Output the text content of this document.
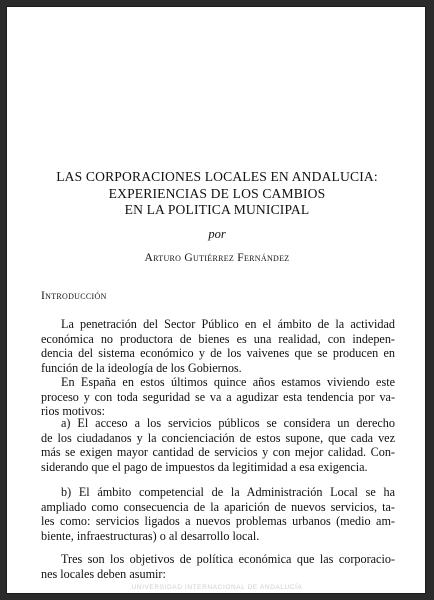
LAS CORPORACIONES LOCALES EN ANDALUCIA:
EXPERIENCIAS DE LOS CAMBIOS
EN LA POLITICA MUNICIPAL
por
Arturo Gutiérrez Fernández
Introducción
La penetración del Sector Público en el ámbito de la actividad
económica no productora de bienes es una realidad, con indepen-
dencia del sistema económico y de los vaivenes que se producen en
función de la ideología de los Gobiernos.
En España en estos últimos quince años estamos viviendo este
proceso y con toda seguridad se va a agudizar esta tendencia por va-
rios motivos:
a) El acceso a los servicios públicos se considera un derecho
de los ciudadanos y la concienciación de estos supone, que cada vez
más se exigen mayor cantidad de servicios y con mejor calidad. Con-
siderando que el pago de impuestos da legitimidad a esa exigencia.
b) El ámbito competencial de la Administración Local se ha
ampliado como consecuencia de la aparición de nuevos servicios, ta-
les como: servicios ligados a nuevos problemas urbanos (medio am-
biente, infraestructuras) o al desarrollo local.
Tres son los objetivos de política económica que las corporacio-
nes locales deben asumir:
UNIVERSIDAD INTERNACIONAL DE ANDALUCÍA
